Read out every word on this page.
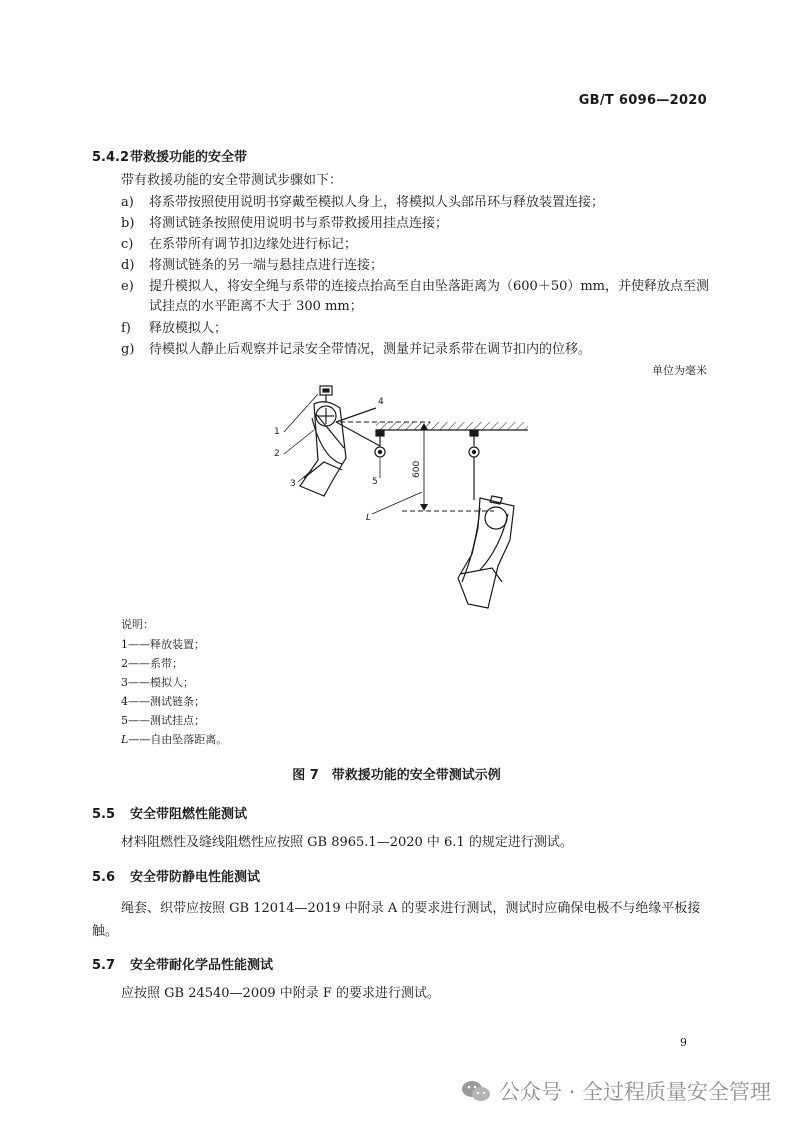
GB/T 6096—2020
5.4.2带救援功能的安全带
带有救援功能的安全带测试步骤如下：
a) 将系带按照使用说明书穿戴至模拟人身上，将模拟人头部吊环与释放装置连接；
b) 将测试链条按照使用说明书与系带救援用挂点连接；
c) 在系带所有调节扣边缘处进行标记；
d) 将测试链条的另一端与悬挂点进行连接；
e) 提升模拟人，将安全绳与系带的连接点抬高至自由坠落距离为（600＋50）mm，并使释放点至测试挂点的水平距离不大于 300 mm；
f) 释放模拟人；
g) 待模拟人静止后观察并记录安全带情况，测量并记录系带在调节扣内的位移。
单位为毫米
1
2
3
4
5
L
600
说明：
1——释放装置；
2——系带；
3——模拟人；
4——测试链条；
5——测试挂点；
L——自由坠落距离。
图 7　带救援功能的安全带测试示例
5.5 安全带阻燃性能测试
材料阻燃性及缝线阻燃性应按照 GB 8965.1—2020 中 6.1 的规定进行测试。
5.6 安全带防静电性能测试
绳套、织带应按照 GB 12014—2019 中附录 A 的要求进行测试，测试时应确保电极不与绝缘平板接触。
5.7 安全带耐化学品性能测试
应按照 GB 24540—2009 中附录 F 的要求进行测试。
9
公众号 · 全过程质量安全管理
